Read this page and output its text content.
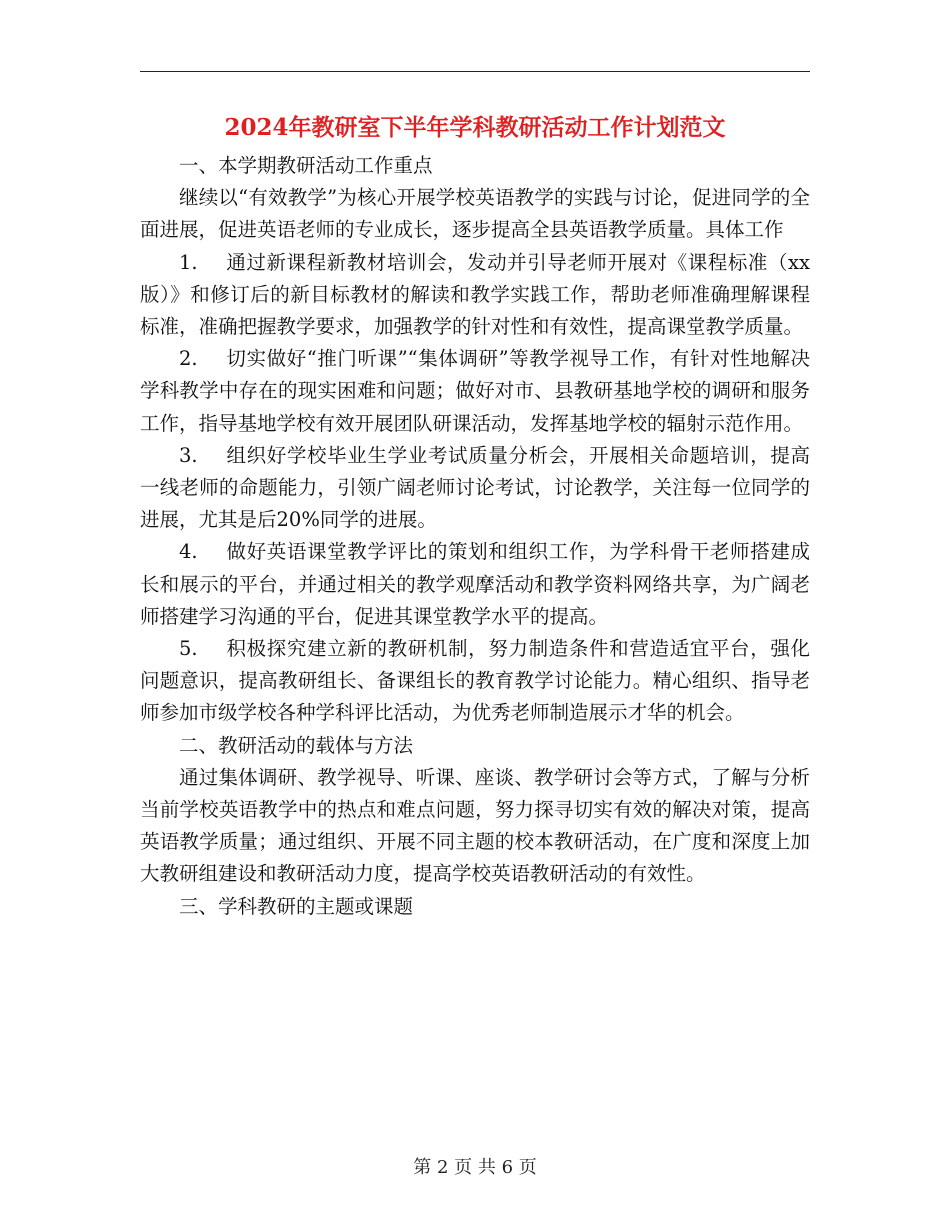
2024年教研室下半年学科教研活动工作计划范文

一、本学期教研活动工作重点

继续以“有效教学”为核心开展学校英语教学的实践与讨论，促进同学的全面进展，促进英语老师的专业成长，逐步提高全县英语教学质量。具体工作

1. 通过新课程新教材培训会，发动并引导老师开展对《课程标准（xx版）》和修订后的新目标教材的解读和教学实践工作，帮助老师准确理解课程标准，准确把握教学要求，加强教学的针对性和有效性，提高课堂教学质量。

2. 切实做好“推门听课”“集体调研”等教学视导工作，有针对性地解决学科教学中存在的现实困难和问题；做好对市、县教研基地学校的调研和服务工作，指导基地学校有效开展团队研课活动，发挥基地学校的辐射示范作用。

3. 组织好学校毕业生学业考试质量分析会，开展相关命题培训，提高一线老师的命题能力，引领广阔老师讨论考试，讨论教学，关注每一位同学的进展，尤其是后20%同学的进展。

4. 做好英语课堂教学评比的策划和组织工作，为学科骨干老师搭建成长和展示的平台，并通过相关的教学观摩活动和教学资料网络共享，为广阔老师搭建学习沟通的平台，促进其课堂教学水平的提高。

5. 积极探究建立新的教研机制，努力制造条件和营造适宜平台，强化问题意识，提高教研组长、备课组长的教育教学讨论能力。精心组织、指导老师参加市级学校各种学科评比活动，为优秀老师制造展示才华的机会。

二、教研活动的载体与方法

通过集体调研、教学视导、听课、座谈、教学研讨会等方式，了解与分析当前学校英语教学中的热点和难点问题，努力探寻切实有效的解决对策，提高英语教学质量；通过组织、开展不同主题的校本教研活动，在广度和深度上加大教研组建设和教研活动力度，提高学校英语教研活动的有效性。

三、学科教研的主题或课题

第 2 页 共 6 页
